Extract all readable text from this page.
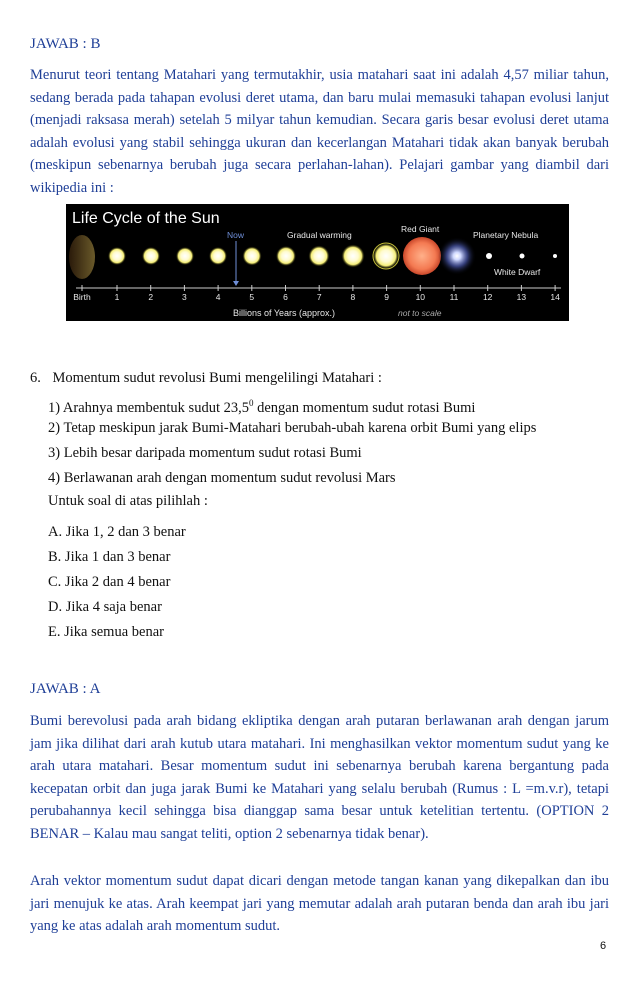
JAWAB : B
Menurut teori tentang Matahari yang termutakhir, usia matahari saat ini adalah 4,57 miliar tahun, sedang berada pada tahapan evolusi deret utama, dan baru mulai memasuki tahapan evolusi lanjut (menjadi raksasa merah) setelah 5 milyar tahun kemudian. Secara garis besar evolusi deret utama adalah evolusi yang stabil sehingga ukuran dan kecerlangan Matahari tidak akan banyak berubah (meskipun sebenarnya berubah juga secara perlahan-lahan). Pelajari gambar yang diambil dari wikipedia ini :
Life Cycle of the Sun
Now	Gradual warming
Red Giant
Planetary Nebula
White Dwarf
Birth	1	2	3	4	5	6	7	8	9	10	11	12	13	14
Billions of Years (approx.)	not to scale
6. Momentum sudut revolusi Bumi mengelilingi Matahari :
1) Arahnya membentuk sudut 23,5$^0$ dengan momentum sudut rotasi Bumi
2) Tetap meskipun jarak Bumi-Matahari berubah-ubah karena orbit Bumi yang elips
3) Lebih besar daripada momentum sudut rotasi Bumi
4) Berlawanan arah dengan momentum sudut revolusi Mars
Untuk soal di atas pilihlah :
A. Jika 1, 2 dan 3 benar
B. Jika 1 dan 3 benar
C. Jika 2 dan 4 benar
D. Jika 4 saja benar
E. Jika semua benar
JAWAB : A
Bumi berevolusi pada arah bidang ekliptika dengan arah putaran berlawanan arah dengan jarum jam jika dilihat dari arah kutub utara matahari. Ini menghasilkan vektor momentum sudut yang ke arah utara matahari. Besar momentum sudut ini sebenarnya berubah karena bergantung pada kecepatan orbit dan juga jarak Bumi ke Matahari yang selalu berubah (Rumus : L =m.v.r), tetapi perubahannya kecil sehingga bisa dianggap sama besar untuk ketelitian tertentu. (OPTION 2 BENAR – Kalau mau sangat teliti, option 2 sebenarnya tidak benar).
Arah vektor momentum sudut dapat dicari dengan metode tangan kanan yang dikepalkan dan ibu jari menujuk ke atas. Arah keempat jari yang memutar adalah arah putaran benda dan arah ibu jari yang ke atas adalah arah momentum sudut.
6
